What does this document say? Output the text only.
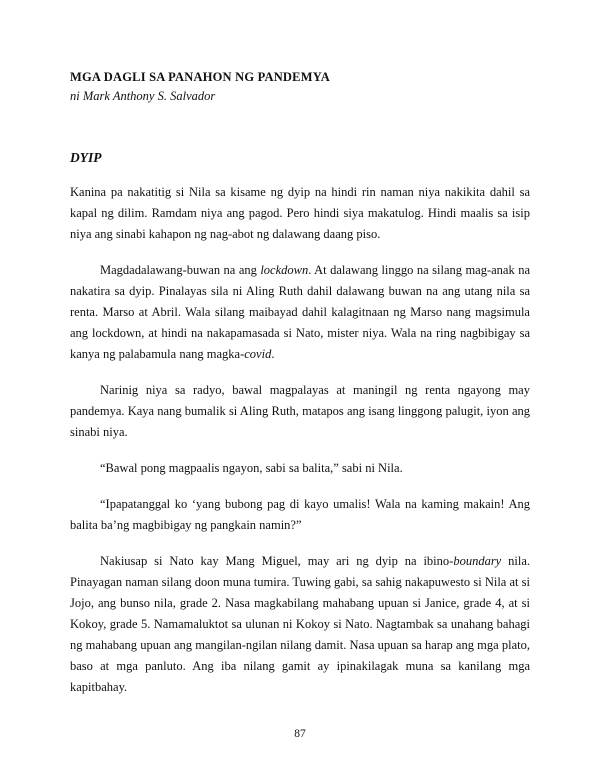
MGA DAGLI SA PANAHON NG PANDEMYA

ni Mark Anthony S. Salvador

DYIP

Kanina pa nakatitig si Nila sa kisame ng dyip na hindi rin naman niya nakikita dahil sa kapal ng dilim. Ramdam niya ang pagod. Pero hindi siya makatulog. Hindi maalis sa isip niya ang sinabi kahapon ng nag-abot ng dalawang daang piso.

Magdadalawang-buwan na ang lockdown. At dalawang linggo na silang mag-anak na nakatira sa dyip. Pinalayas sila ni Aling Ruth dahil dalawang buwan na ang utang nila sa renta. Marso at Abril. Wala silang maibayad dahil kalagitnaan ng Marso nang magsimula ang lockdown, at hindi na nakapamasada si Nato, mister niya. Wala na ring nagbibigay sa kanya ng palabamula nang magka-covid.

Narinig niya sa radyo, bawal magpalayas at maningil ng renta ngayong may pandemya. Kaya nang bumalik si Aling Ruth, matapos ang isang linggong palugit, iyon ang sinabi niya.

“Bawal pong magpaalis ngayon, sabi sa balita,” sabi ni Nila.

“Ipapatanggal ko ‘yang bubong pag di kayo umalis! Wala na kaming makain! Ang balita ba’ng magbibigay ng pangkain namin?”

Nakiusap si Nato kay Mang Miguel, may ari ng dyip na ibino-boundary nila. Pinayagan naman silang doon muna tumira. Tuwing gabi, sa sahig nakapuwesto si Nila at si Jojo, ang bunso nila, grade 2. Nasa magkabilang mahabang upuan si Janice, grade 4, at si Kokoy, grade 5. Namamaluktot sa ulunan ni Kokoy si Nato. Nagtambak sa unahang bahagi ng mahabang upuan ang mangilan-ngilan nilang damit. Nasa upuan sa harap ang mga plato, baso at mga panluto. Ang iba nilang gamit ay ipinakilagak muna sa kanilang mga kapitbahay.

87
